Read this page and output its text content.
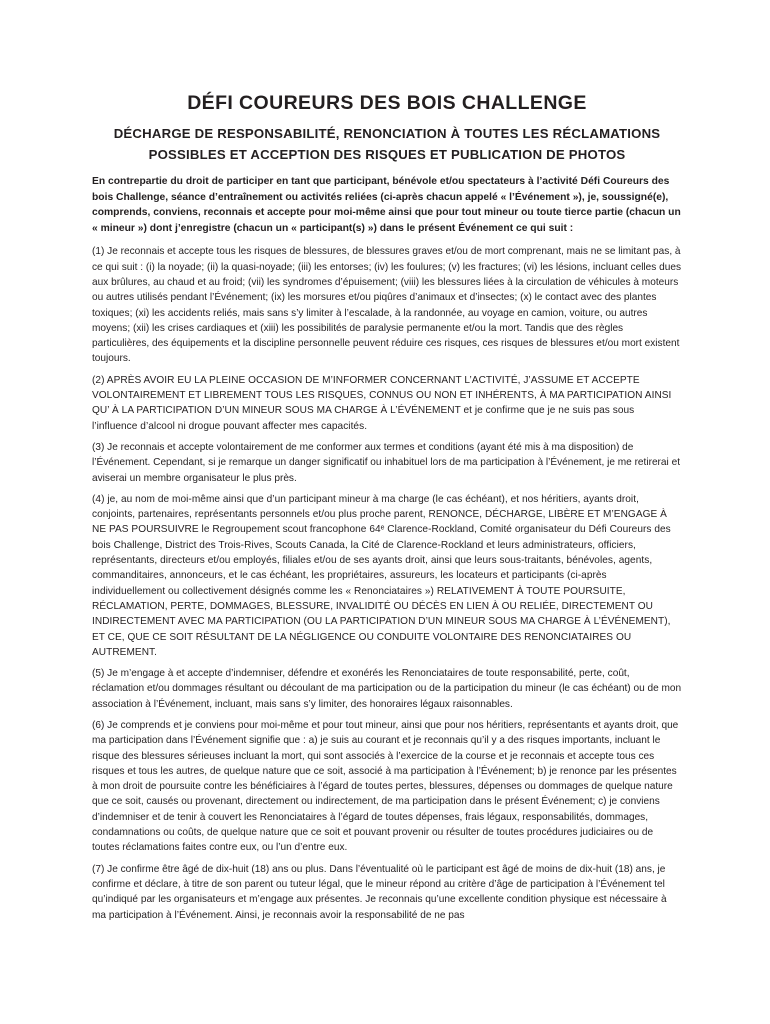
DÉFI COUREURS DES BOIS CHALLENGE
DÉCHARGE DE RESPONSABILITÉ, RENONCIATION À TOUTES LES RÉCLAMATIONS POSSIBLES ET ACCEPTION DES RISQUES ET PUBLICATION DE PHOTOS

En contrepartie du droit de participer en tant que participant, bénévole et/ou spectateurs à l’activité Défi Coureurs des bois Challenge, séance d’entraînement ou activités reliées (ci-après chacun appelé « l’Événement »), je, soussigné(e), comprends, conviens, reconnais et accepte pour moi-même ainsi que pour tout mineur ou toute tierce partie (chacun un « mineur ») dont j’enregistre (chacun un « participant(s) ») dans le présent Événement ce qui suit :

(1) Je reconnais et accepte tous les risques de blessures, de blessures graves et/ou de mort comprenant, mais ne se limitant pas, à ce qui suit : (i) la noyade; (ii) la quasi-noyade; (iii) les entorses; (iv) les foulures; (v) les fractures; (vi) les lésions, incluant celles dues aux brûlures, au chaud et au froid; (vii) les syndromes d’épuisement; (viii) les blessures liées à la circulation de véhicules à moteurs ou autres utilisés pendant l’Événement; (ix) les morsures et/ou piqûres d’animaux et d’insectes; (x) le contact avec des plantes toxiques; (xi) les accidents reliés, mais sans s’y limiter à l’escalade, à la randonnée, au voyage en camion, voiture, ou autres moyens; (xii) les crises cardiaques et (xiii) les possibilités de paralysie permanente et/ou la mort. Tandis que des règles particulières, des équipements et la discipline personnelle peuvent réduire ces risques, ces risques de blessures et/ou mort existent toujours.

(2) APRÈS AVOIR EU LA PLEINE OCCASION DE M’INFORMER CONCERNANT L’ACTIVITÉ, J’ASSUME ET ACCEPTE VOLONTAIREMENT ET LIBREMENT TOUS LES RISQUES, CONNUS OU NON ET INHÉRENTS, À MA PARTICIPATION AINSI QU’ À LA PARTICIPATION D’UN MINEUR SOUS MA CHARGE À L’ÉVÉNEMENT et je confirme que je ne suis pas sous l’influence d’alcool ni drogue pouvant affecter mes capacités.

(3) Je reconnais et accepte volontairement de me conformer aux termes et conditions (ayant été mis à ma disposition) de l’Événement. Cependant, si je remarque un danger significatif ou inhabituel lors de ma participation à l’Événement, je me retirerai et aviserai un membre organisateur le plus près.

(4) je, au nom de moi-même ainsi que d’un participant mineur à ma charge (le cas échéant), et nos héritiers, ayants droit, conjoints, partenaires, représentants personnels et/ou plus proche parent, RENONCE, DÉCHARGE, LIBÈRE ET M’ENGAGE À NE PAS POURSUIVRE le Regroupement scout francophone 64ᵉ Clarence-Rockland, Comité organisateur du Défi Coureurs des bois Challenge, District des Trois-Rives, Scouts Canada, la Cité de Clarence-Rockland et leurs administrateurs, officiers, représentants, directeurs et/ou employés, filiales et/ou de ses ayants droit, ainsi que leurs sous-traitants, bénévoles, agents, commanditaires, annonceurs, et le cas échéant, les propriétaires, assureurs, les locateurs et participants (ci-après individuellement ou collectivement désignés comme les « Renonciataires ») RELATIVEMENT À TOUTE POURSUITE, RÉCLAMATION, PERTE, DOMMAGES, BLESSURE, INVALIDITÉ OU DÉCÈS EN LIEN À OU RELIÉE, DIRECTEMENT OU INDIRECTEMENT AVEC MA PARTICIPATION (OU LA PARTICIPATION D’UN MINEUR SOUS MA CHARGE À L’ÉVÉNEMENT), ET CE, QUE CE SOIT RÉSULTANT DE LA NÉGLIGENCE OU CONDUITE VOLONTAIRE DES RENONCIATAIRES OU AUTREMENT.

(5) Je m’engage à et accepte d’indemniser, défendre et exonérés les Renonciataires de toute responsabilité, perte, coût, réclamation et/ou dommages résultant ou découlant de ma participation ou de la participation du mineur (le cas échéant) ou de mon association à l’Événement, incluant, mais sans s’y limiter, des honoraires légaux raisonnables.

(6) Je comprends et je conviens pour moi-même et pour tout mineur, ainsi que pour nos héritiers, représentants et ayants droit, que ma participation dans l’Événement signifie que : a) je suis au courant et je reconnais qu’il y a des risques importants, incluant le risque des blessures sérieuses incluant la mort, qui sont associés à l’exercice de la course et je reconnais et accepte tous ces risques et tous les autres, de quelque nature que ce soit, associé à ma participation à l’Événement; b) je renonce par les présentes à mon droit de poursuite contre les bénéficiaires à l’égard de toutes pertes, blessures, dépenses ou dommages de quelque nature que ce soit, causés ou provenant, directement ou indirectement, de ma participation dans le présent Événement; c) je conviens d’indemniser et de tenir à couvert les Renonciataires à l’égard de toutes dépenses, frais légaux, responsabilités, dommages, condamnations ou coûts, de quelque nature que ce soit et pouvant provenir ou résulter de toutes procédures judiciaires ou de toutes réclamations faites contre eux, ou l’un d’entre eux.

(7) Je confirme être âgé de dix-huit (18) ans ou plus. Dans l’éventualité où le participant est âgé de moins de dix-huit (18) ans, je confirme et déclare, à titre de son parent ou tuteur légal, que le mineur répond au critère d’âge de participation à l’Événement tel qu’indiqué par les organisateurs et m’engage aux présentes. Je reconnais qu’une excellente condition physique est nécessaire à ma participation à l’Événement. Ainsi, je reconnais avoir la responsabilité de ne pas
